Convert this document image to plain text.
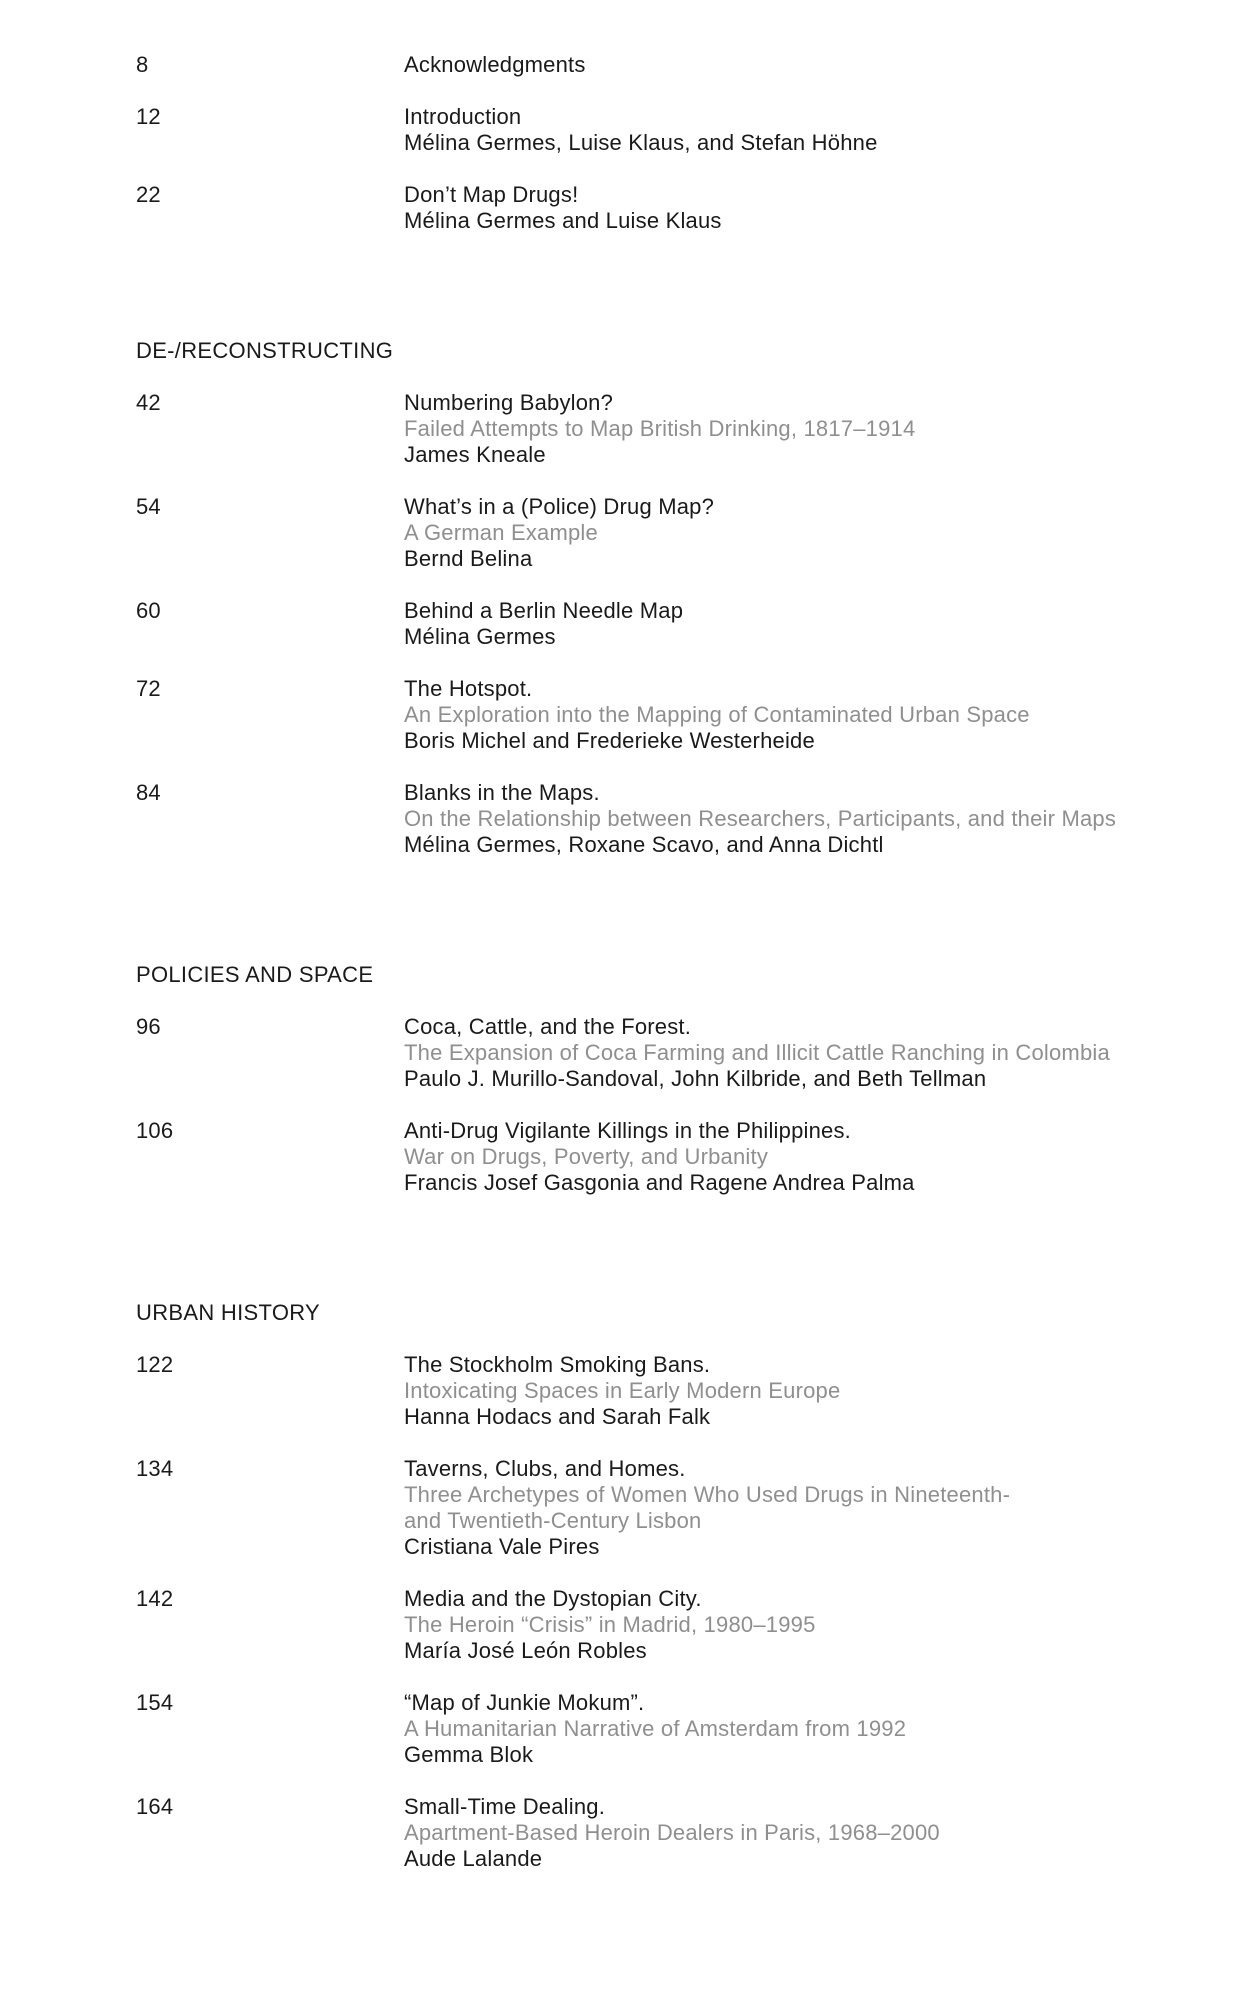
8	Acknowledgments
12	Introduction
Mélina Germes, Luise Klaus, and Stefan Höhne
22	Don’t Map Drugs!
Mélina Germes and Luise Klaus
DE-/RECONSTRUCTING
42	Numbering Babylon?
Failed Attempts to Map British Drinking, 1817–1914
James Kneale
54	What’s in a (Police) Drug Map?
A German Example
Bernd Belina
60	Behind a Berlin Needle Map
Mélina Germes
72	The Hotspot.
An Exploration into the Mapping of Contaminated Urban Space
Boris Michel and Frederieke Westerheide
84	Blanks in the Maps.
On the Relationship between Researchers, Participants, and their Maps
Mélina Germes, Roxane Scavo, and Anna Dichtl
POLICIES AND SPACE
96	Coca, Cattle, and the Forest.
The Expansion of Coca Farming and Illicit Cattle Ranching in Colombia
Paulo J. Murillo-Sandoval, John Kilbride, and Beth Tellman
106	Anti-Drug Vigilante Killings in the Philippines.
War on Drugs, Poverty, and Urbanity
Francis Josef Gasgonia and Ragene Andrea Palma
URBAN HISTORY
122	The Stockholm Smoking Bans.
Intoxicating Spaces in Early Modern Europe
Hanna Hodacs and Sarah Falk
134	Taverns, Clubs, and Homes.
Three Archetypes of Women Who Used Drugs in Nineteenth-
and Twentieth-Century Lisbon
Cristiana Vale Pires
142	Media and the Dystopian City.
The Heroin “Crisis” in Madrid, 1980–1995
María José León Robles
154	“Map of Junkie Mokum”.
A Humanitarian Narrative of Amsterdam from 1992
Gemma Blok
164	Small-Time Dealing.
Apartment-Based Heroin Dealers in Paris, 1968–2000
Aude Lalande
